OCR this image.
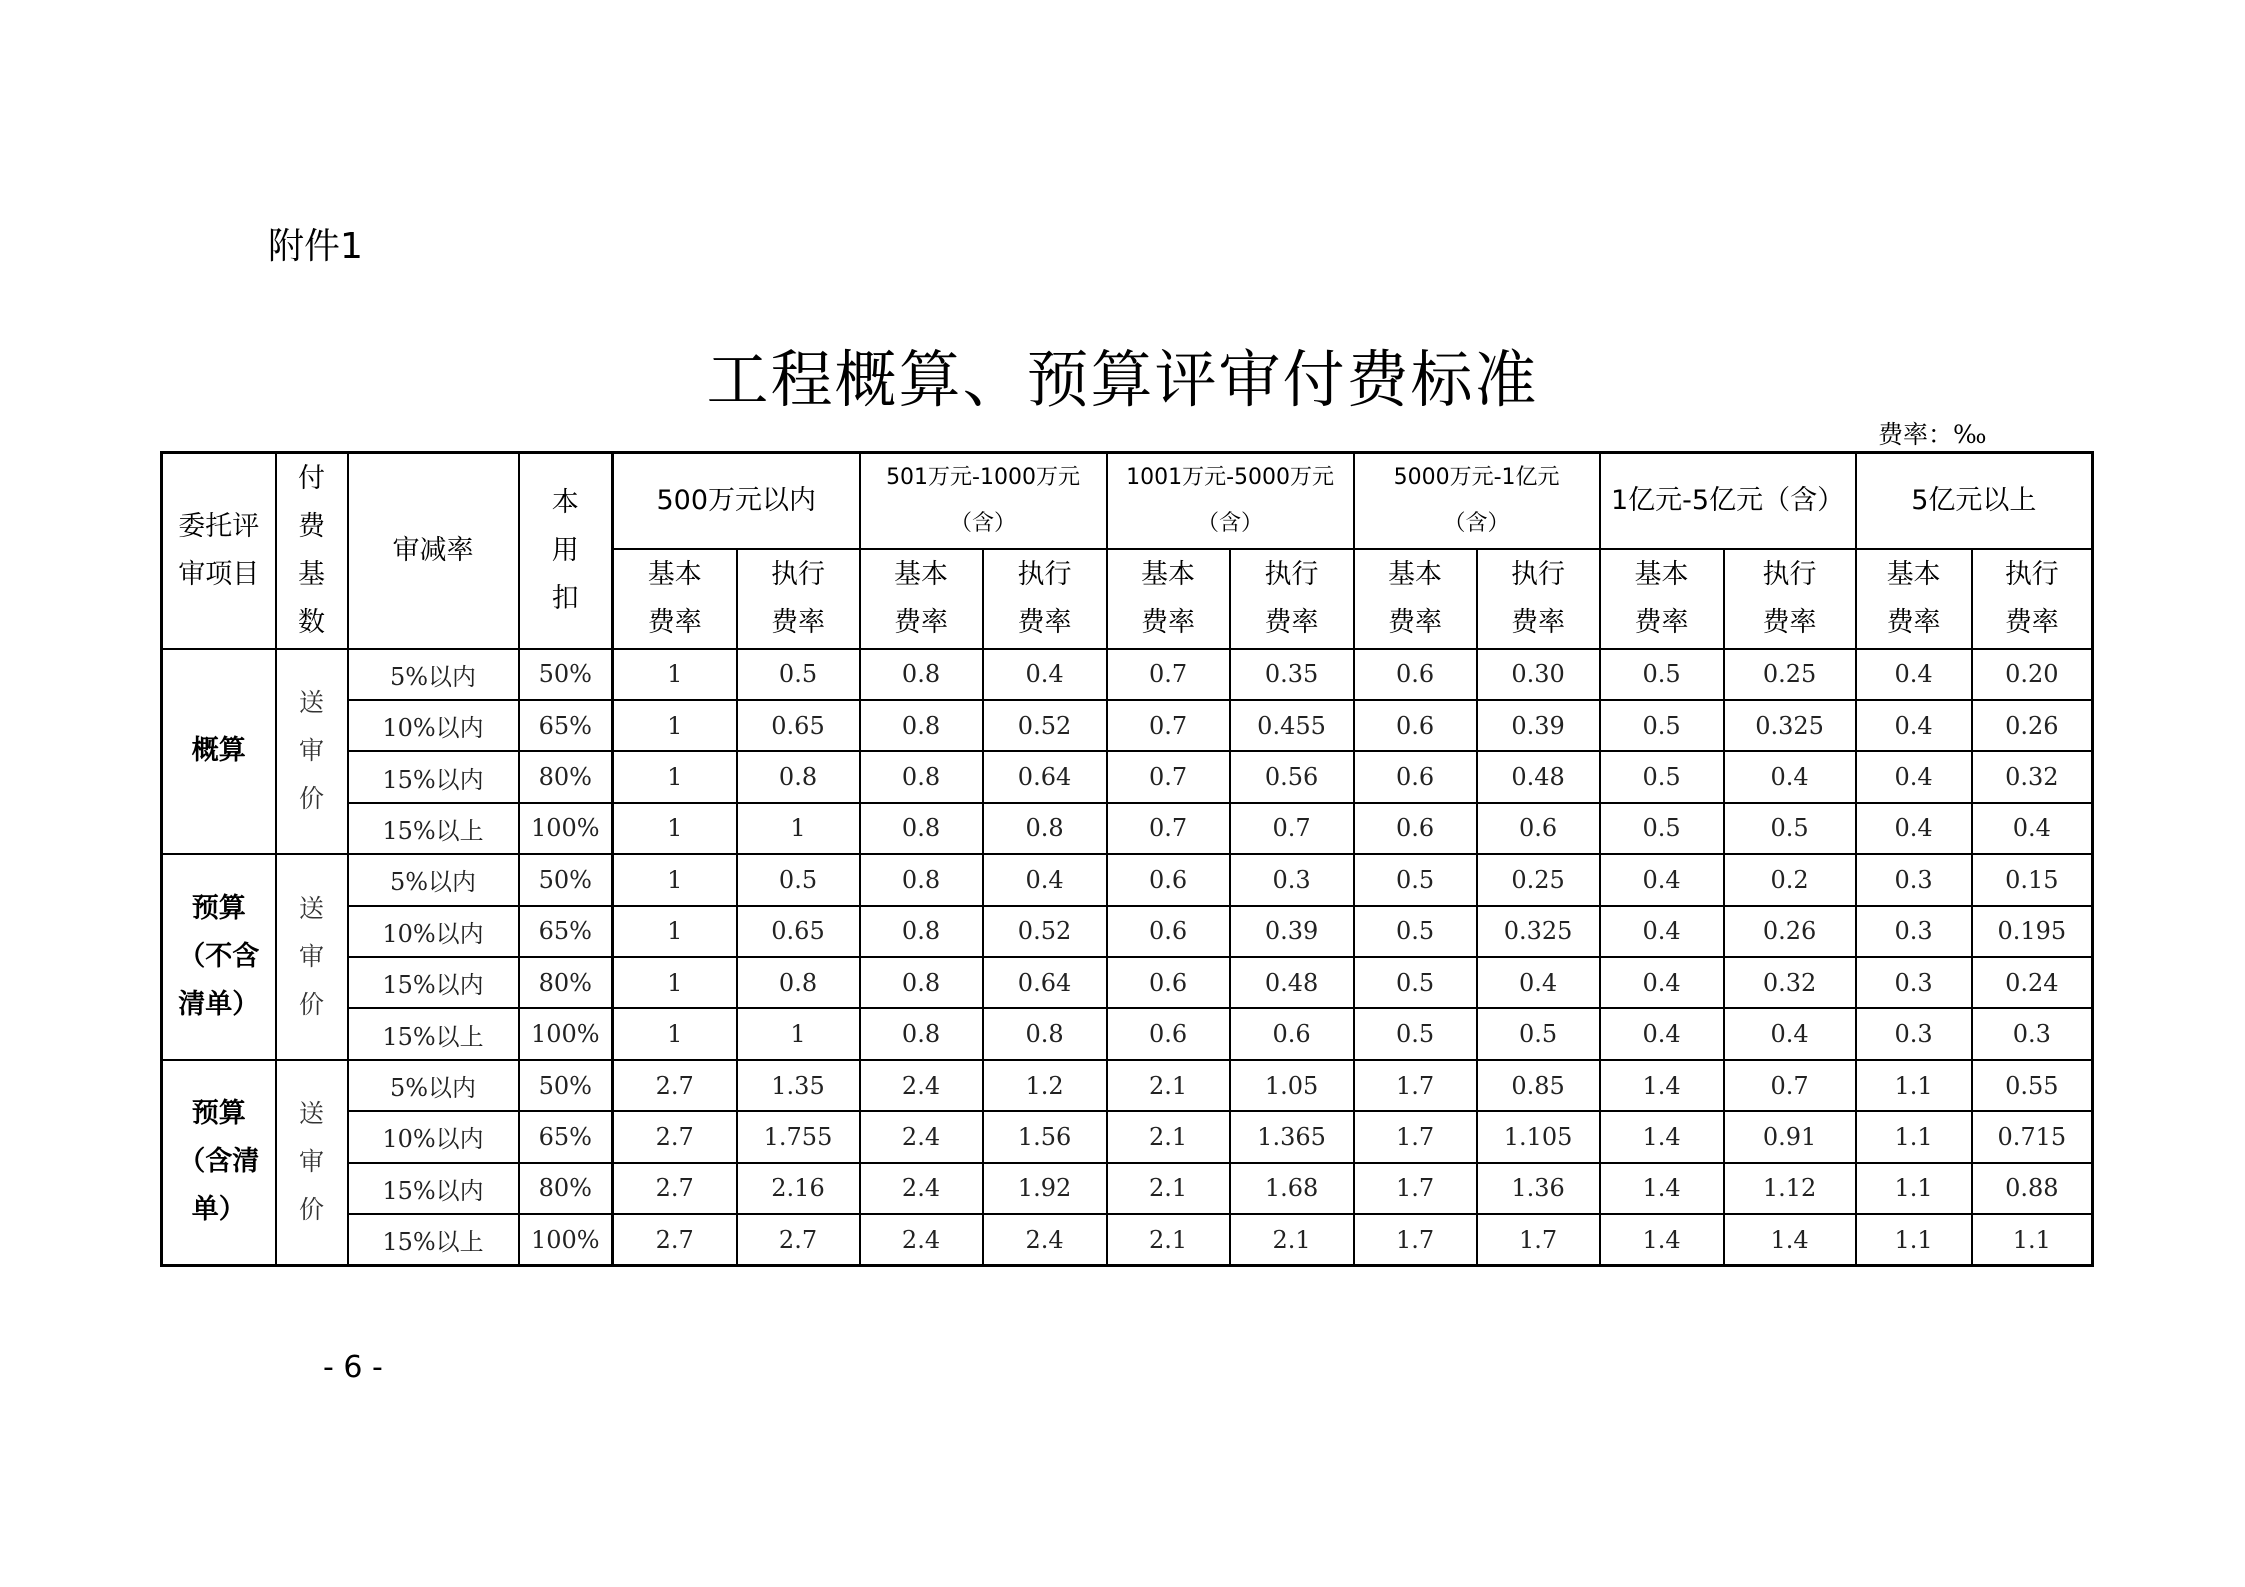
附件1
工程概算、预算评审付费标准
费率：‰
委托评审项目	付费基数	审减率	本用扣	500万元以内		501万元-1000万元（含）		1001万元-5000万元（含）		5000万元-1亿元（含）		1亿元-5亿元（含）		5亿元以上	
				基本费率	执行费率	基本费率	执行费率	基本费率	执行费率	基本费率	执行费率	基本费率	执行费率	基本费率	执行费率
概算	送审价	5%以内	50%	1	0.5	0.8	0.4	0.7	0.35	0.6	0.30	0.5	0.25	0.4	0.20
		10%以内	65%	1	0.65	0.8	0.52	0.7	0.455	0.6	0.39	0.5	0.325	0.4	0.26
		15%以内	80%	1	0.8	0.8	0.64	0.7	0.56	0.6	0.48	0.5	0.4	0.4	0.32
		15%以上	100%	1	1	0.8	0.8	0.7	0.7	0.6	0.6	0.5	0.5	0.4	0.4
预算（不含清单）	送审价	5%以内	50%	1	0.5	0.8	0.4	0.6	0.3	0.5	0.25	0.4	0.2	0.3	0.15
		10%以内	65%	1	0.65	0.8	0.52	0.6	0.39	0.5	0.325	0.4	0.26	0.3	0.195
		15%以内	80%	1	0.8	0.8	0.64	0.6	0.48	0.5	0.4	0.4	0.32	0.3	0.24
		15%以上	100%	1	1	0.8	0.8	0.6	0.6	0.5	0.5	0.4	0.4	0.3	0.3
预算（含清单）	送审价	5%以内	50%	2.7	1.35	2.4	1.2	2.1	1.05	1.7	0.85	1.4	0.7	1.1	0.55
		10%以内	65%	2.7	1.755	2.4	1.56	2.1	1.365	1.7	1.105	1.4	0.91	1.1	0.715
		15%以内	80%	2.7	2.16	2.4	1.92	2.1	1.68	1.7	1.36	1.4	1.12	1.1	0.88
		15%以上	100%	2.7	2.7	2.4	2.4	2.1	2.1	1.7	1.7	1.4	1.4	1.1	1.1
- 6 -
